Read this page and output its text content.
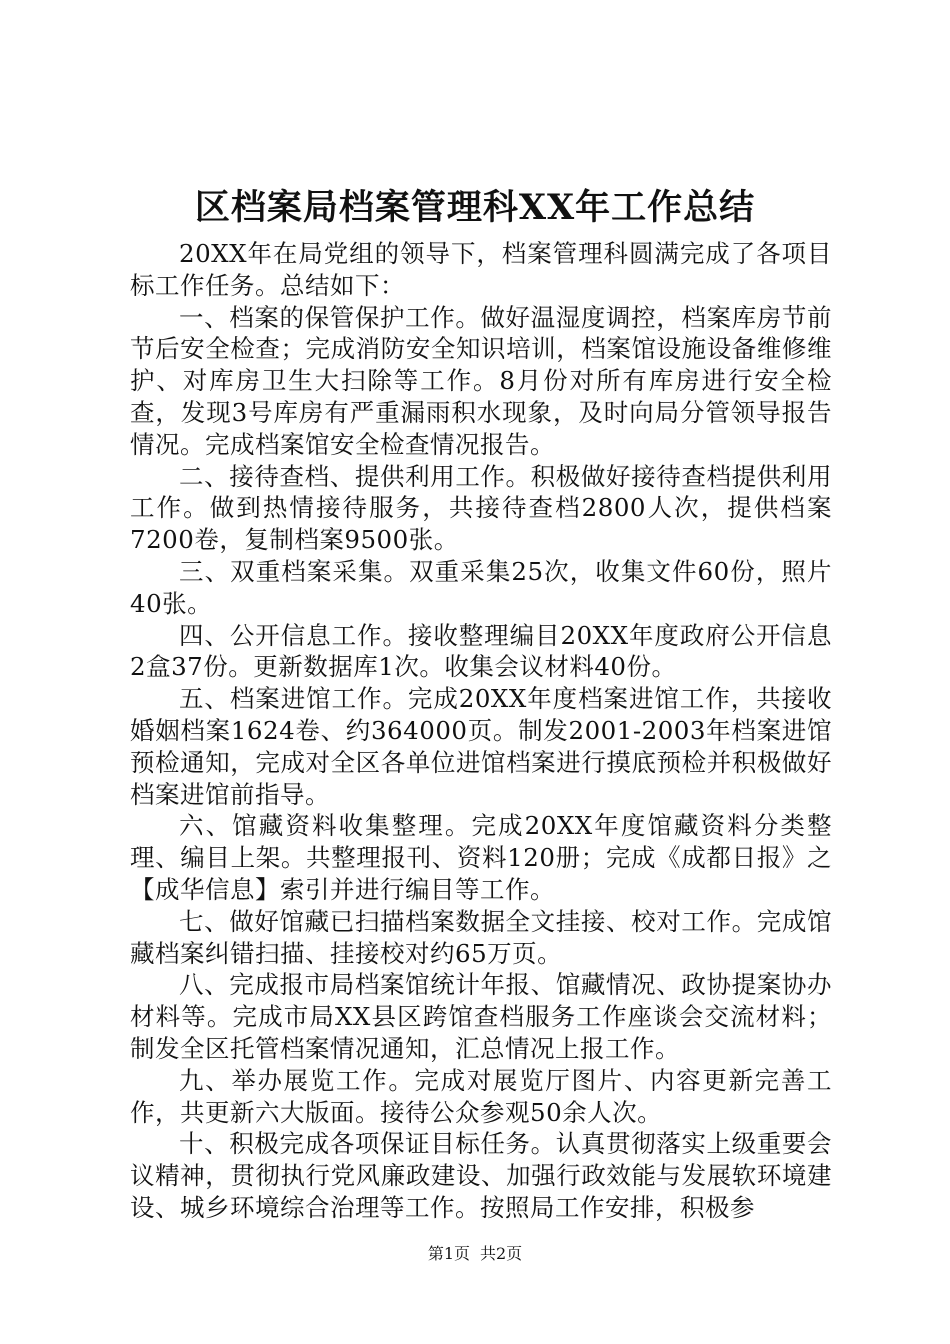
区档案局档案管理科XX年工作总结

20XX年在局党组的领导下，档案管理科圆满完成了各项目标工作任务。总结如下：

一、档案的保管保护工作。做好温湿度调控，档案库房节前节后安全检查；完成消防安全知识培训，档案馆设施设备维修维护、对库房卫生大扫除等工作。8月份对所有库房进行安全检查，发现3号库房有严重漏雨积水现象，及时向局分管领导报告情况。完成档案馆安全检查情况报告。

二、接待查档、提供利用工作。积极做好接待查档提供利用工作。做到热情接待服务，共接待查档2800人次，提供档案7200卷，复制档案9500张。

三、双重档案采集。双重采集25次，收集文件60份，照片40张。

四、公开信息工作。接收整理编目20XX年度政府公开信息2盒37份。更新数据库1次。收集会议材料40份。

五、档案进馆工作。完成20XX年度档案进馆工作，共接收婚姻档案1624卷、约364000页。制发2001-2003年档案进馆预检通知，完成对全区各单位进馆档案进行摸底预检并积极做好档案进馆前指导。

六、馆藏资料收集整理。完成20XX年度馆藏资料分类整理、编目上架。共整理报刊、资料120册；完成《成都日报》之【成华信息】索引并进行编目等工作。

七、做好馆藏已扫描档案数据全文挂接、校对工作。完成馆藏档案纠错扫描、挂接校对约65万页。

八、完成报市局档案馆统计年报、馆藏情况、政协提案协办材料等。完成市局XX县区跨馆查档服务工作座谈会交流材料；制发全区托管档案情况通知，汇总情况上报工作。

九、举办展览工作。完成对展览厅图片、内容更新完善工作，共更新六大版面。接待公众参观50余人次。

十、积极完成各项保证目标任务。认真贯彻落实上级重要会议精神，贯彻执行党风廉政建设、加强行政效能与发展软环境建设、城乡环境综合治理等工作。按照局工作安排，积极参

第1页 共2页
